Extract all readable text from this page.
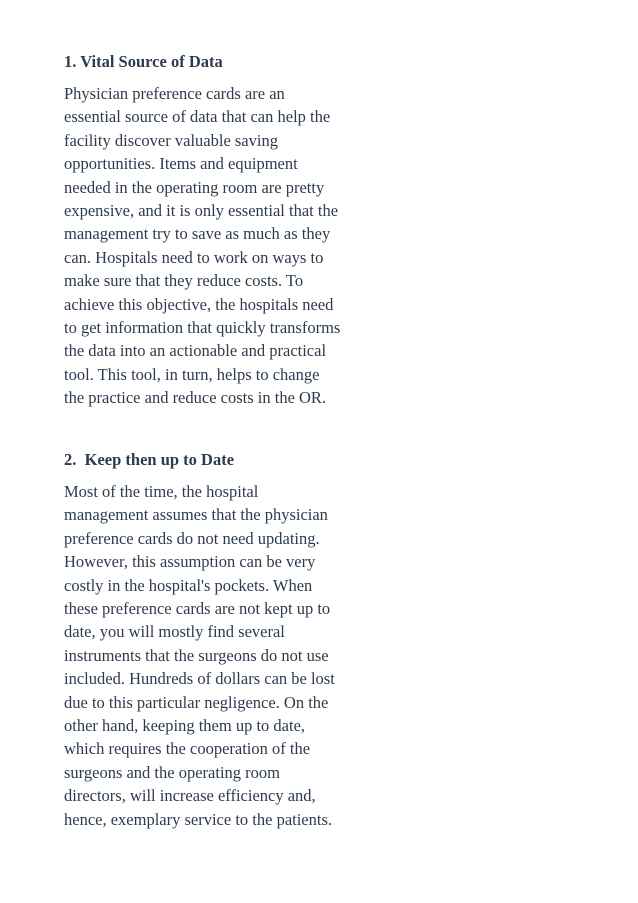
1. Vital Source of Data

Physician preference cards are an
essential source of data that can help the
facility discover valuable saving
opportunities. Items and equipment
needed in the operating room are pretty
expensive, and it is only essential that the
management try to save as much as they
can. Hospitals need to work on ways to
make sure that they reduce costs. To
achieve this objective, the hospitals need
to get information that quickly transforms
the data into an actionable and practical
tool. This tool, in turn, helps to change
the practice and reduce costs in the OR.

2.  Keep then up to Date

Most of the time, the hospital
management assumes that the physician
preference cards do not need updating.
However, this assumption can be very
costly in the hospital's pockets. When
these preference cards are not kept up to
date, you will mostly find several
instruments that the surgeons do not use
included. Hundreds of dollars can be lost
due to this particular negligence. On the
other hand, keeping them up to date,
which requires the cooperation of the
surgeons and the operating room
directors, will increase efficiency and,
hence, exemplary service to the patients.
